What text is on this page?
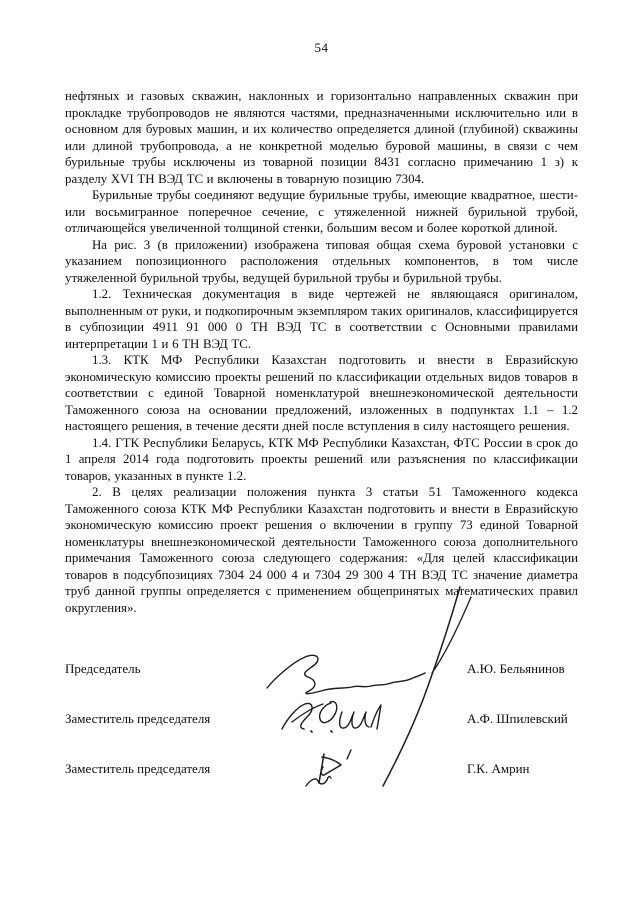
54

нефтяных и газовых скважин, наклонных и горизонтально направленных скважин при прокладке трубопроводов не являются частями, предназначенными исключительно или в основном для буровых машин, и их количество определяется длиной (глубиной) скважины или длиной трубопровода, а не конкретной моделью буровой машины, в связи с чем бурильные трубы исключены из товарной позиции 8431 согласно примечанию 1 з) к разделу XVI ТН ВЭД ТС и включены в товарную позицию 7304.

Бурильные трубы соединяют ведущие бурильные трубы, имеющие квадратное, шести- или восьмигранное поперечное сечение, с утяжеленной нижней бурильной трубой, отличающейся увеличенной толщиной стенки, большим весом и более короткой длиной.

На рис. 3 (в приложении) изображена типовая общая схема буровой установки с указанием попозиционного расположения отдельных компонентов, в том числе утяжеленной бурильной трубы, ведущей бурильной трубы и бурильной трубы.

1.2. Техническая документация в виде чертежей не являющаяся оригиналом, выполненным от руки, и подкопирочным экземпляром таких оригиналов, классифицируется в субпозиции 4911 91 000 0 ТН ВЭД ТС в соответствии с Основными правилами интерпретации 1 и 6 ТН ВЭД ТС.

1.3. КТК МФ Республики Казахстан подготовить и внести в Евразийскую экономическую комиссию проекты решений по классификации отдельных видов товаров в соответствии с единой Товарной номенклатурой внешнеэкономической деятельности Таможенного союза на основании предложений, изложенных в подпунктах 1.1 – 1.2 настоящего решения, в течение десяти дней после вступления в силу настоящего решения.

1.4. ГТК Республики Беларусь, КТК МФ Республики Казахстан, ФТС России в срок до 1 апреля 2014 года подготовить проекты решений или разъяснения по классификации товаров, указанных в пункте 1.2.

2. В целях реализации положения пункта 3 статьи 51 Таможенного кодекса Таможенного союза КТК МФ Республики Казахстан подготовить и внести в Евразийскую экономическую комиссию проект решения о включении в группу 73 единой Товарной номенклатуры внешнеэкономической деятельности Таможенного союза дополнительного примечания Таможенного союза следующего содержания: «Для целей классификации товаров в подсубпозициях 7304 24 000 4 и 7304 29 300 4 ТН ВЭД ТС значение диаметра труб данной группы определяется с применением общепринятых математических правил округления».

Председатель	А.Ю. Бельянинов
Заместитель председателя	А.Ф. Шпилевский
Заместитель председателя	Г.К. Амрин
